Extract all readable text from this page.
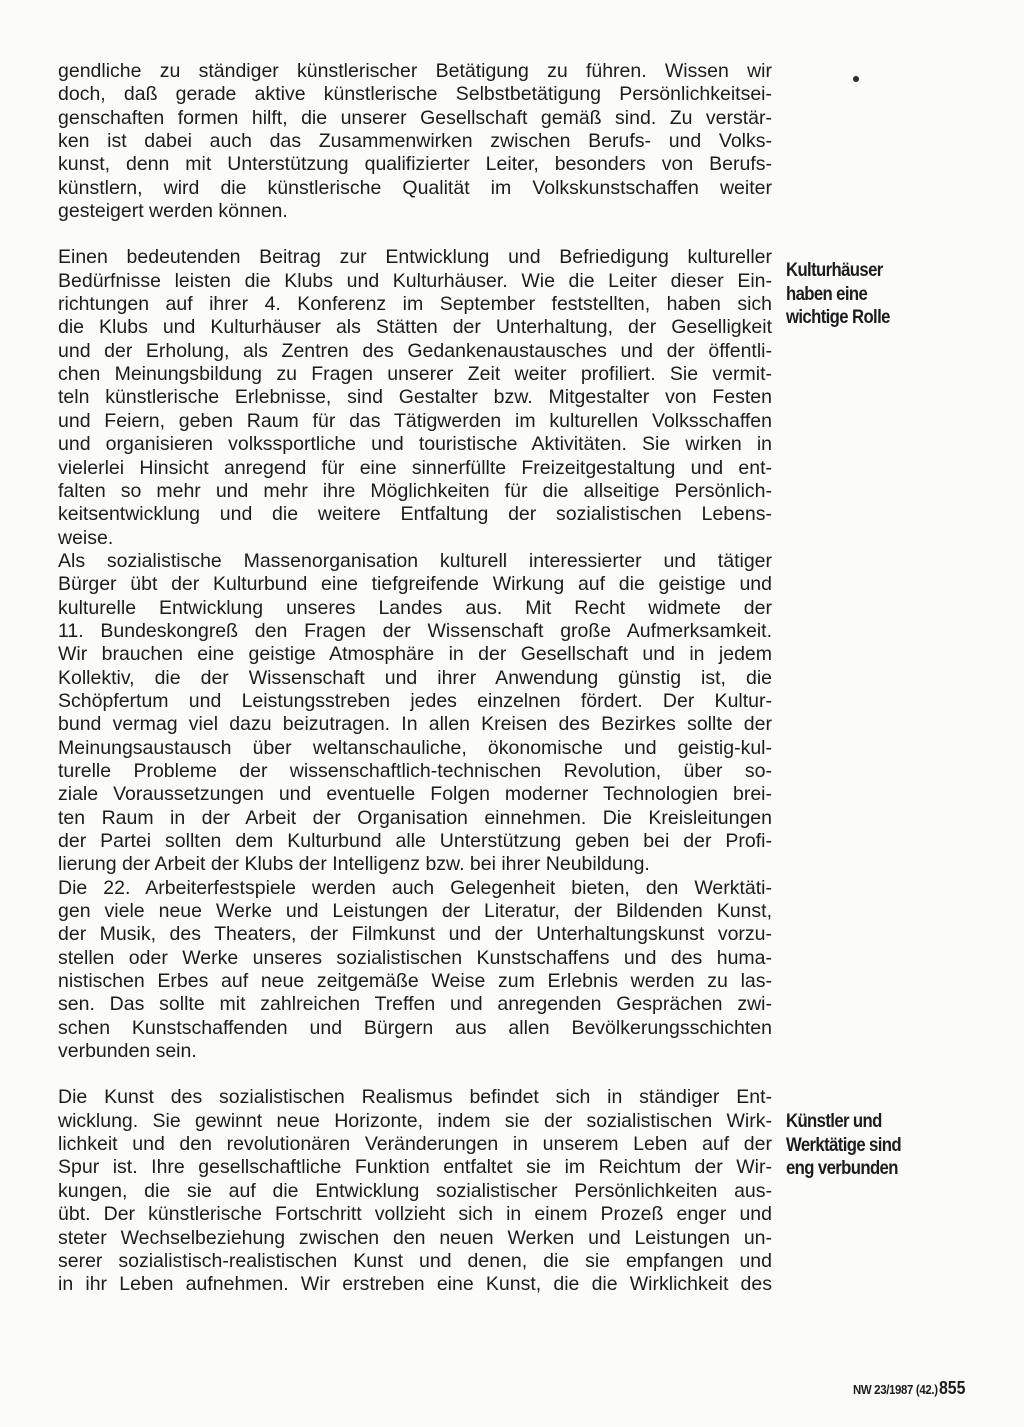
gendliche zu ständiger künstlerischer Betätigung zu führen. Wissen wir
doch, daß gerade aktive künstlerische Selbstbetätigung Persönlichkeitsei-
genschaften formen hilft, die unserer Gesellschaft gemäß sind. Zu verstär-
ken ist dabei auch das Zusammenwirken zwischen Berufs- und Volks-
kunst, denn mit Unterstützung qualifizierter Leiter, besonders von Berufs-
künstlern, wird die künstlerische Qualität im Volkskunstschaffen weiter
gesteigert werden können.

Einen bedeutenden Beitrag zur Entwicklung und Befriedigung kultureller
Bedürfnisse leisten die Klubs und Kulturhäuser. Wie die Leiter dieser Ein-
richtungen auf ihrer 4. Konferenz im September feststellten, haben sich
die Klubs und Kulturhäuser als Stätten der Unterhaltung, der Geselligkeit
und der Erholung, als Zentren des Gedankenaustausches und der öffentli-
chen Meinungsbildung zu Fragen unserer Zeit weiter profiliert. Sie vermit-
teln künstlerische Erlebnisse, sind Gestalter bzw. Mitgestalter von Festen
und Feiern, geben Raum für das Tätigwerden im kulturellen Volksschaffen
und organisieren volkssportliche und touristische Aktivitäten. Sie wirken in
vielerlei Hinsicht anregend für eine sinnerfüllte Freizeitgestaltung und ent-
falten so mehr und mehr ihre Möglichkeiten für die allseitige Persönlich-
keitsentwicklung und die weitere Entfaltung der sozialistischen Lebens-
weise.

Als sozialistische Massenorganisation kulturell interessierter und tätiger
Bürger übt der Kulturbund eine tiefgreifende Wirkung auf die geistige und
kulturelle Entwicklung unseres Landes aus. Mit Recht widmete der
11. Bundeskongreß den Fragen der Wissenschaft große Aufmerksamkeit.
Wir brauchen eine geistige Atmosphäre in der Gesellschaft und in jedem
Kollektiv, die der Wissenschaft und ihrer Anwendung günstig ist, die
Schöpfertum und Leistungsstreben jedes einzelnen fördert. Der Kultur-
bund vermag viel dazu beizutragen. In allen Kreisen des Bezirkes sollte der
Meinungsaustausch über weltanschauliche, ökonomische und geistig-kul-
turelle Probleme der wissenschaftlich-technischen Revolution, über so-
ziale Voraussetzungen und eventuelle Folgen moderner Technologien brei-
ten Raum in der Arbeit der Organisation einnehmen. Die Kreisleitungen
der Partei sollten dem Kulturbund alle Unterstützung geben bei der Profi-
lierung der Arbeit der Klubs der Intelligenz bzw. bei ihrer Neubildung.

Die 22. Arbeiterfestspiele werden auch Gelegenheit bieten, den Werktäti-
gen viele neue Werke und Leistungen der Literatur, der Bildenden Kunst,
der Musik, des Theaters, der Filmkunst und der Unterhaltungskunst vorzu-
stellen oder Werke unseres sozialistischen Kunstschaffens und des huma-
nistischen Erbes auf neue zeitgemäße Weise zum Erlebnis werden zu las-
sen. Das sollte mit zahlreichen Treffen und anregenden Gesprächen zwi-
schen Kunstschaffenden und Bürgern aus allen Bevölkerungsschichten
verbunden sein.

Die Kunst des sozialistischen Realismus befindet sich in ständiger Ent-
wicklung. Sie gewinnt neue Horizonte, indem sie der sozialistischen Wirk-
lichkeit und den revolutionären Veränderungen in unserem Leben auf der
Spur ist. Ihre gesellschaftliche Funktion entfaltet sie im Reichtum der Wir-
kungen, die sie auf die Entwicklung sozialistischer Persönlichkeiten aus-
übt. Der künstlerische Fortschritt vollzieht sich in einem Prozeß enger und
steter Wechselbeziehung zwischen den neuen Werken und Leistungen un-
serer sozialistisch-realistischen Kunst und denen, die sie empfangen und
in ihr Leben aufnehmen. Wir erstreben eine Kunst, die die Wirklichkeit des

Kulturhäuser
haben eine
wichtige Rolle
Künstler und
Werktätige sind
eng verbunden
NW 23/1987 (42.) 855
